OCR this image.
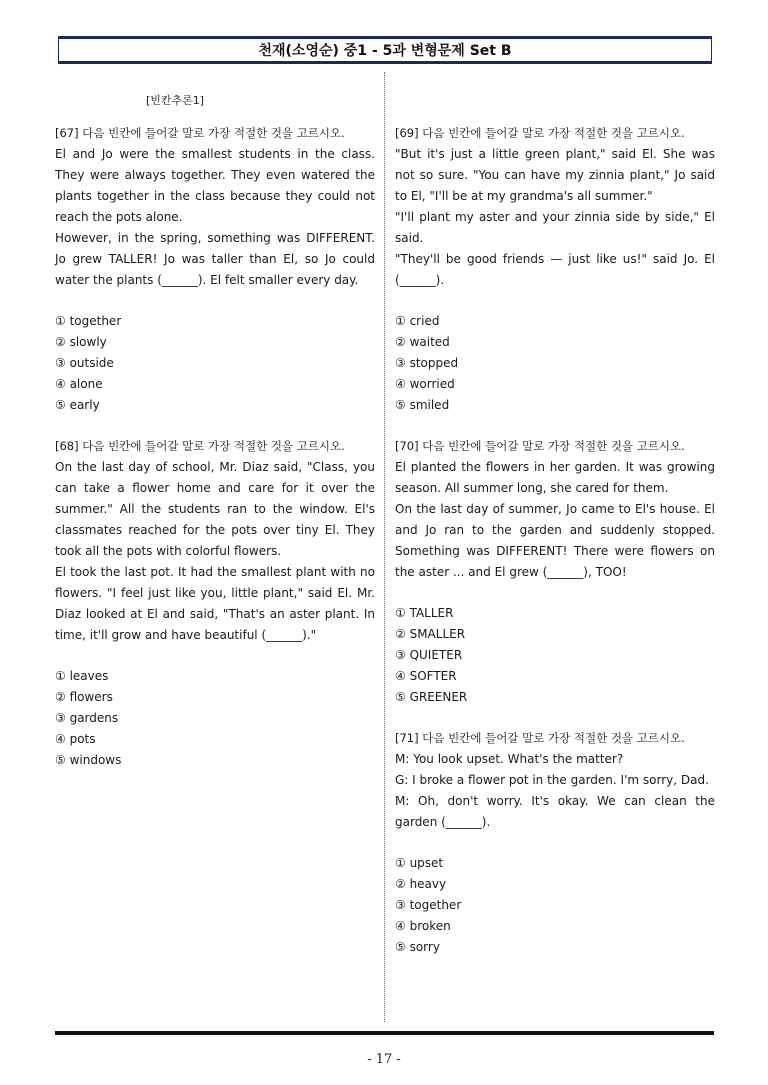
천재(소영순) 중1 - 5과 변형문제 Set B
[빈칸추론1]
[67] 다음 빈칸에 들어갈 말로 가장 적절한 것을 고르시오.

El and Jo were the smallest students in the class. They were always together. They even watered the plants together in the class because they could not reach the pots alone.

However, in the spring, something was DIFFERENT. Jo grew TALLER! Jo was taller than El, so Jo could water the plants (______). El felt smaller every day.

① together
② slowly
③ outside
④ alone
⑤ early
[68] 다음 빈칸에 들어갈 말로 가장 적절한 것을 고르시오.

On the last day of school, Mr. Diaz said, "Class, you can take a flower home and care for it over the summer." All the students ran to the window. El's classmates reached for the pots over tiny El. They took all the pots with colorful flowers.

El took the last pot. It had the smallest plant with no flowers. "I feel just like you, little plant," said El. Mr. Diaz looked at El and said, "That's an aster plant. In time, it'll grow and have beautiful (______)."

① leaves
② flowers
③ gardens
④ pots
⑤ windows
[69] 다음 빈칸에 들어갈 말로 가장 적절한 것을 고르시오.

"But it's just a little green plant," said El. She was not so sure. "You can have my zinnia plant," Jo said to El, "I'll be at my grandma's all summer."

"I'll plant my aster and your zinnia side by side," El said.

"They'll be good friends — just like us!" said Jo. El (______).

① cried
② waited
③ stopped
④ worried
⑤ smiled
[70] 다음 빈칸에 들어갈 말로 가장 적절한 것을 고르시오.

El planted the flowers in her garden. It was growing season. All summer long, she cared for them.

On the last day of summer, Jo came to El's house. El and Jo ran to the garden and suddenly stopped. Something was DIFFERENT! There were flowers on the aster ... and El grew (______), TOO!

① TALLER
② SMALLER
③ QUIETER
④ SOFTER
⑤ GREENER
[71] 다음 빈칸에 들어갈 말로 가장 적절한 것을 고르시오.

M: You look upset. What's the matter?

G: I broke a flower pot in the garden. I'm sorry, Dad.

M: Oh, don't worry. It's okay. We can clean the garden (______).

① upset
② heavy
③ together
④ broken
⑤ sorry
- 17 -
